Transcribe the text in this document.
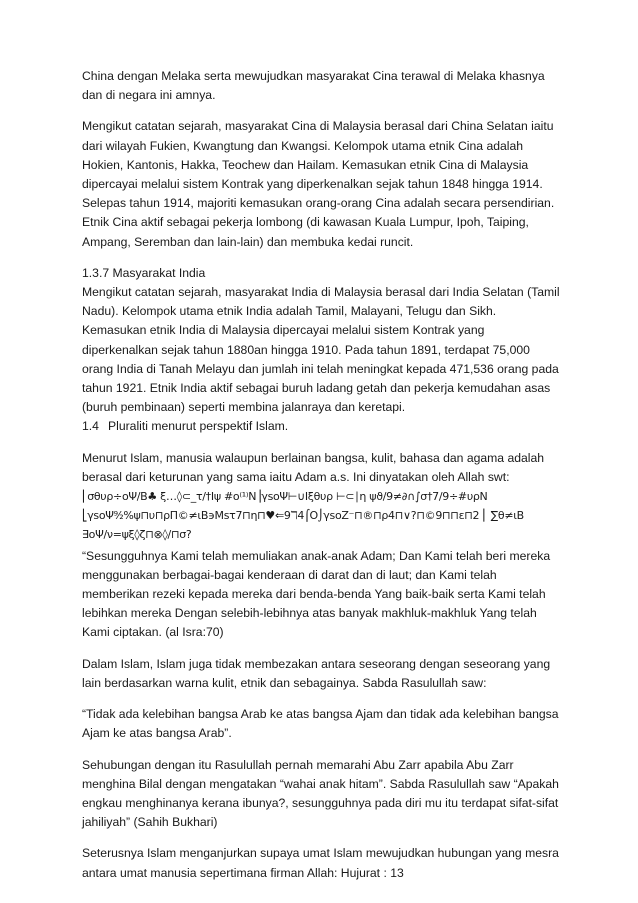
China dengan Melaka serta mewujudkan masyarakat Cina terawal di Melaka khasnya
dan di negara ini amnya.

Mengikut catatan sejarah, masyarakat Cina di Malaysia berasal dari China Selatan iaitu
dari wilayah Fukien, Kwangtung dan Kwangsi. Kelompok utama etnik Cina adalah
Hokien, Kantonis, Hakka, Teochew dan Hailam. Kemasukan etnik Cina di Malaysia
dipercayai melalui sistem Kontrak yang diperkenalkan sejak tahun 1848 hingga 1914.
Selepas tahun 1914, majoriti kemasukan orang-orang Cina adalah secara persendirian.
Etnik Cina aktif sebagai pekerja lombong (di kawasan Kuala Lumpur, Ipoh, Taiping,
Ampang, Seremban dan lain-lain) dan membuka kedai runcit.

1.3.7 Masyarakat India

Mengikut catatan sejarah, masyarakat India di Malaysia berasal dari India Selatan (Tamil
Nadu). Kelompok utama etnik India adalah Tamil, Malayani, Telugu dan Sikh.
Kemasukan etnik India di Malaysia dipercayai melalui sistem Kontrak yang
diperkenalkan sejak tahun 1880an hingga 1910. Pada tahun 1891, terdapat 75,000
orang India di Tanah Melayu dan jumlah ini telah meningkat kepada 471,536 orang pada
tahun 1921. Etnik India aktif sebagai buruh ladang getah dan pekerja kemudahan asas
(buruh pembinaan) seperti membina jalanraya dan keretapi.

1.4 Pluraliti menurut perspektif Islam.

Menurut Islam, manusia walaupun berlainan bangsa, kulit, bahasa dan agama adalah
berasal dari keturunan yang sama iaitu Adam a.s. Ini dinyatakan oleh Allah swt:

⎜σθυρ÷οΨ/B♣ ξ…◊⊂_τ/†Ιψ #ο⁽¹⁾Ν⎟γѕοΨ⊢∪Ιξθυρ ⊢⊂∣η ψϑ/9≠∂∩∫σ†7/9÷#υρΝ
⎣γѕοΨ⁹⁄₂%ψ⊓υ⊓ρΠ©≠ιΒ϶Μѕτ7⊓η⊓♥⇐9ℸ4⌠Ο⌡γѕοZ⁻⊓®⊓ρ4⊓∨?⊓©9⊓⊓ε⊓2 ⎜ ∑θ≠ιΒ
∃οΨ/ν=ψξ◊ζ⊓⊗◊/⊓σ?

“Sesungguhnya Kami telah memuliakan anak-anak Adam; Dan Kami telah beri mereka
menggunakan berbagai-bagai kenderaan di darat dan di laut; dan Kami telah
memberikan rezeki kepada mereka dari benda-benda Yang baik-baik serta Kami telah
lebihkan mereka Dengan selebih-lebihnya atas banyak makhluk-makhluk Yang telah
Kami ciptakan. (al Isra:70)

Dalam Islam, Islam juga tidak membezakan antara seseorang dengan seseorang yang
lain berdasarkan warna kulit, etnik dan sebagainya. Sabda Rasulullah saw:

“Tidak ada kelebihan bangsa Arab ke atas bangsa Ajam dan tidak ada kelebihan bangsa
Ajam ke atas bangsa Arab”.

Sehubungan dengan itu Rasulullah pernah memarahi Abu Zarr apabila Abu Zarr
menghina Bilal dengan mengatakan “wahai anak hitam”. Sabda Rasulullah saw “Apakah
engkau menghinanya kerana ibunya?, sesungguhnya pada diri mu itu terdapat sifat-sifat
jahiliyah” (Sahih Bukhari)

Seterusnya Islam menganjurkan supaya umat Islam mewujudkan hubungan yang mesra
antara umat manusia sepertimana firman Allah: Hujurat : 13
